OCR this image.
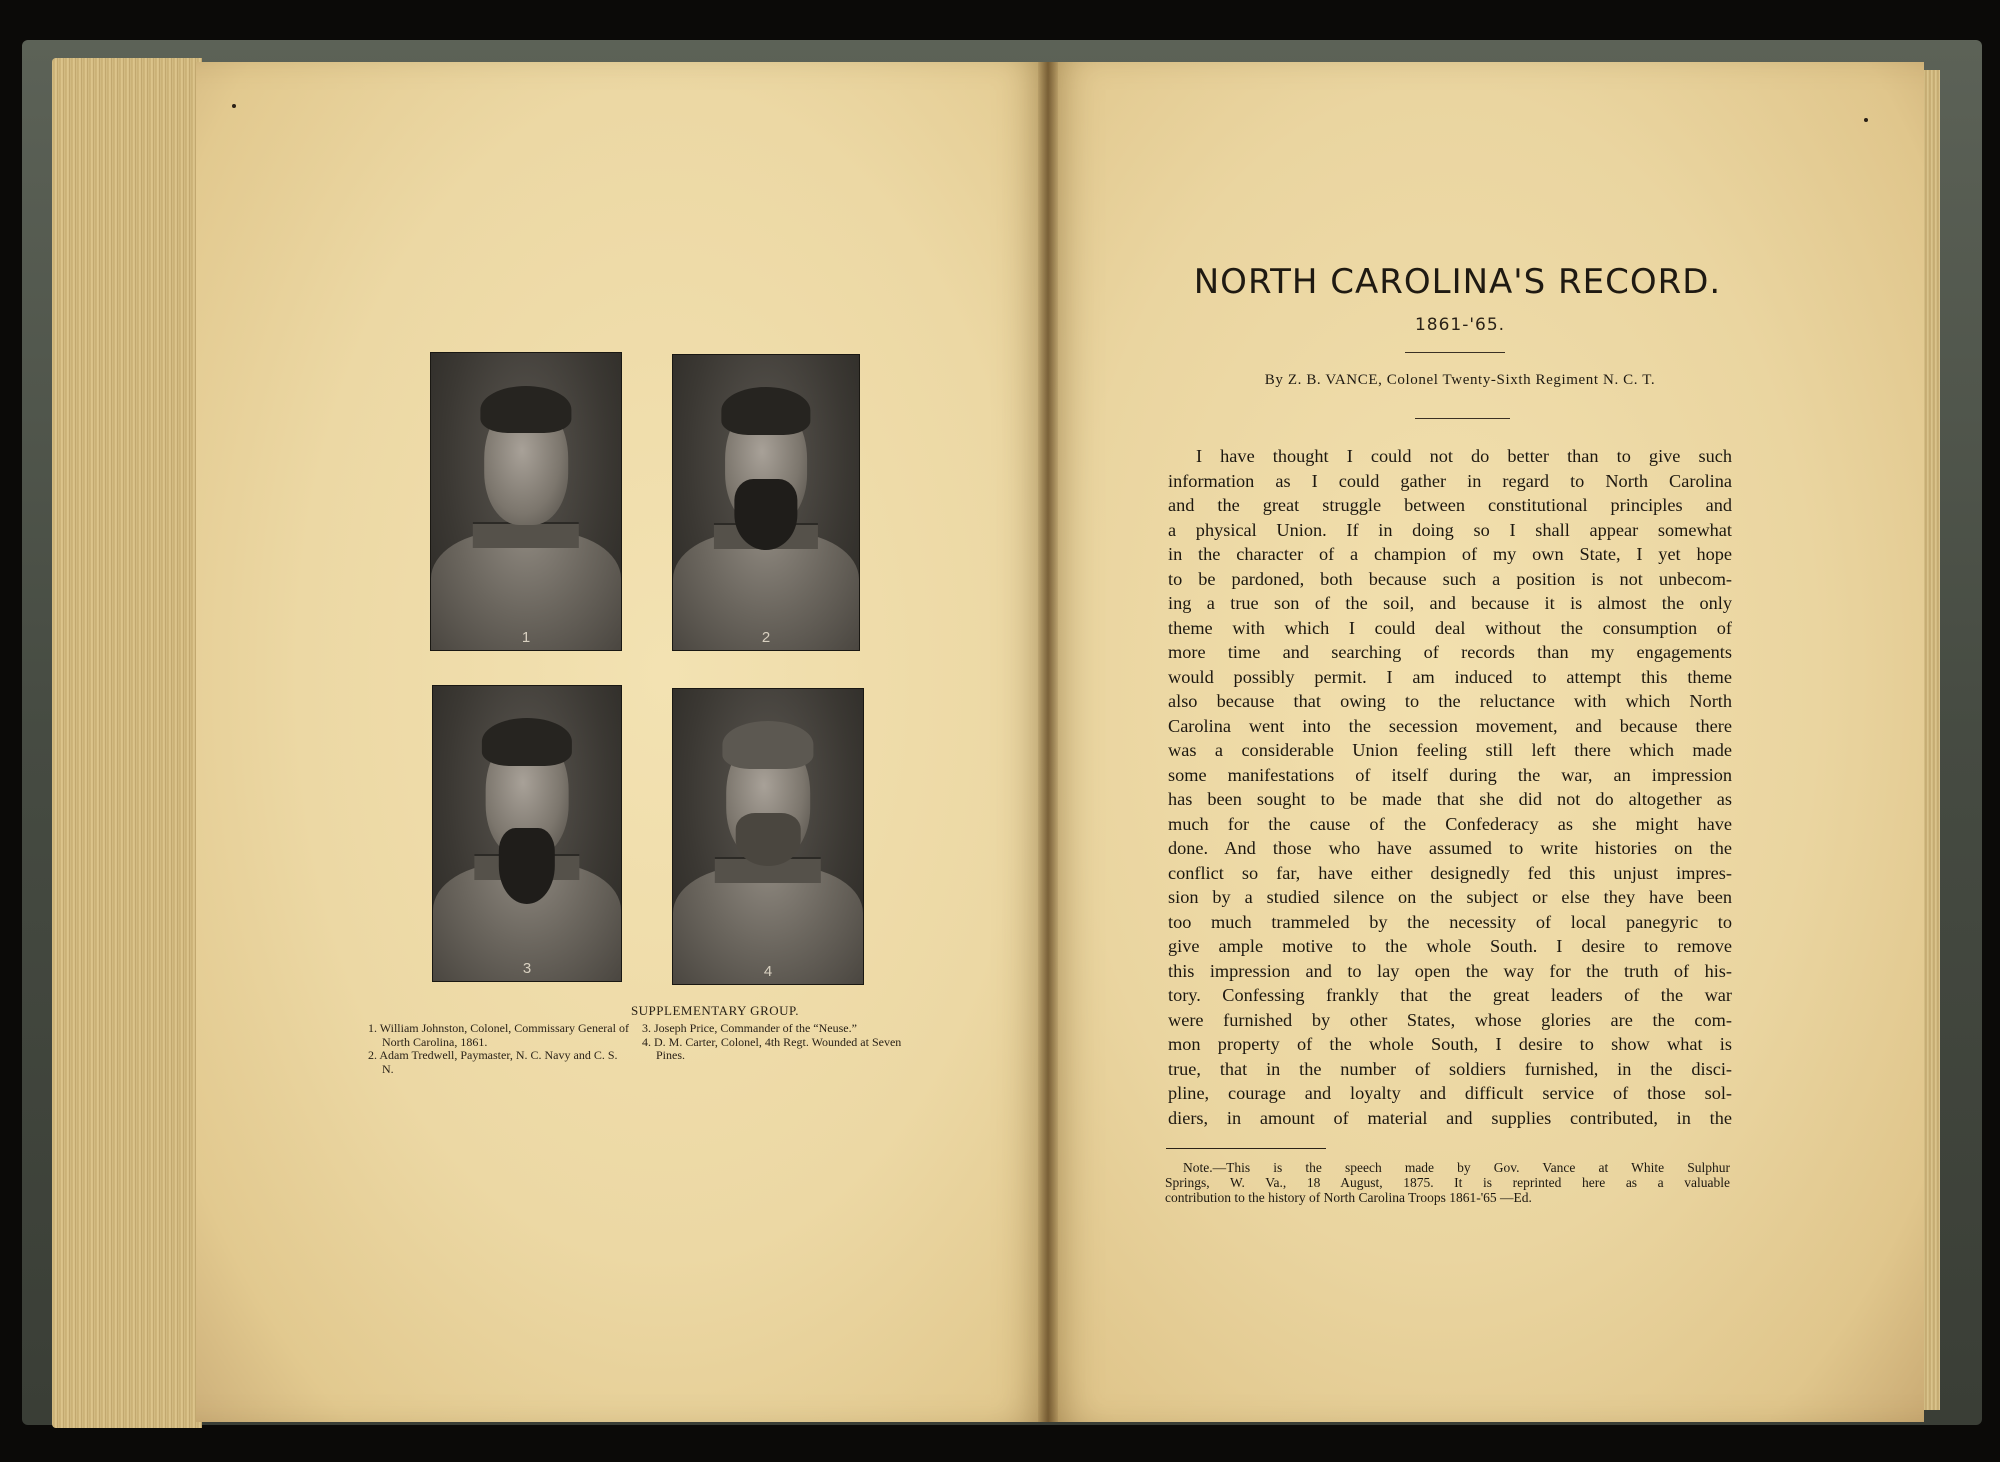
1	2
3	4
SUPPLEMENTARY GROUP.
1. William Johnston, Colonel, Commissary General of North Carolina, 1861.
2. Adam Tredwell, Paymaster, N. C. Navy and C. S. N.
3. Joseph Price, Commander of the “Neuse.”
4. D. M. Carter, Colonel, 4th Regt. Wounded at Seven Pines.
NORTH CAROLINA'S RECORD.
1861-'65.
By Z. B. VANCE, Colonel Twenty-Sixth Regiment N. C. T.
I have thought I could not do better than to give such
information as I could gather in regard to North Carolina
and the great struggle between constitutional principles and
a physical Union. If in doing so I shall appear somewhat
in the character of a champion of my own State, I yet hope
to be pardoned, both because such a position is not unbecom-
ing a true son of the soil, and because it is almost the only
theme with which I could deal without the consumption of
more time and searching of records than my engagements
would possibly permit. I am induced to attempt this theme
also because that owing to the reluctance with which North
Carolina went into the secession movement, and because there
was a considerable Union feeling still left there which made
some manifestations of itself during the war, an impression
has been sought to be made that she did not do altogether as
much for the cause of the Confederacy as she might have
done. And those who have assumed to write histories on the
conflict so far, have either designedly fed this unjust impres-
sion by a studied silence on the subject or else they have been
too much trammeled by the necessity of local panegyric to
give ample motive to the whole South. I desire to remove
this impression and to lay open the way for the truth of his-
tory. Confessing frankly that the great leaders of the war
were furnished by other States, whose glories are the com-
mon property of the whole South, I desire to show what is
true, that in the number of soldiers furnished, in the disci-
pline, courage and loyalty and difficult service of those sol-
diers, in amount of material and supplies contributed, in the
Note.—This is the speech made by Gov. Vance at White Sulphur
Springs, W. Va., 18 August, 1875. It is reprinted here as a valuable
contribution to the history of North Carolina Troops 1861-'65 —Ed.
